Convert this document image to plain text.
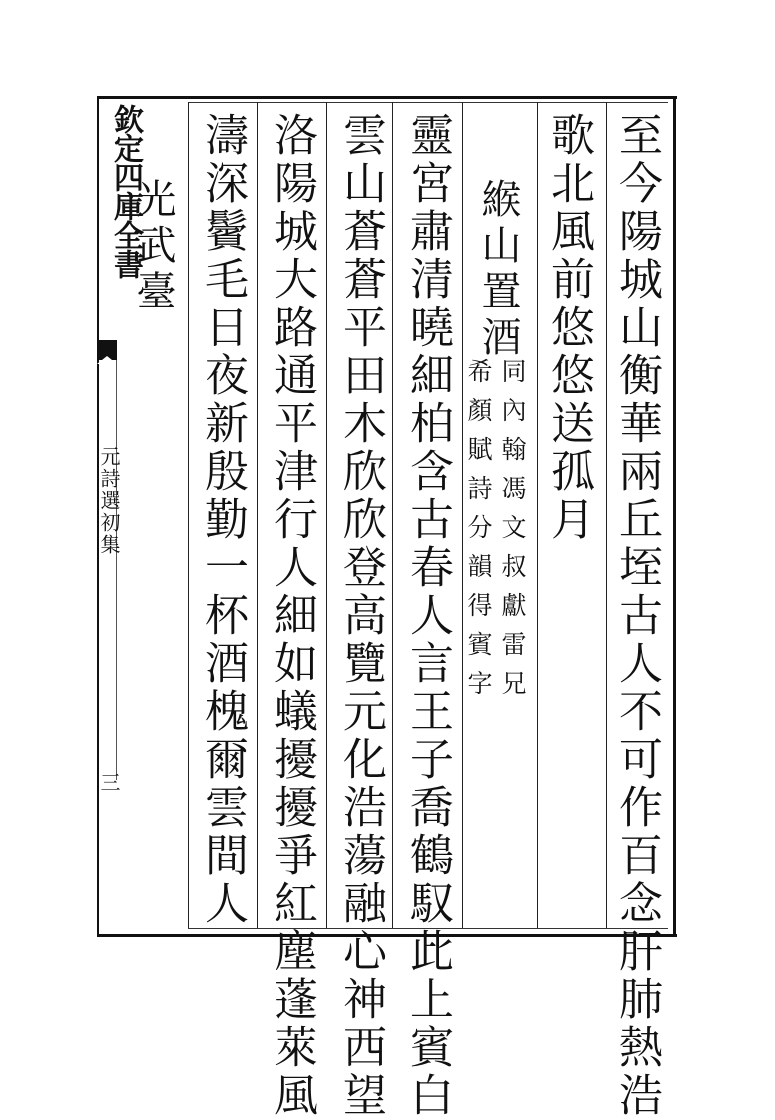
欽定四庫全書
元詩選初集
三	至今陽城山衡華兩丘垤古人不可作百念肝肺熱浩
歌北風前悠悠送孤月
緱山置酒
同內翰馮文叔獻雷兄
希顏賦詩分韻得賓字
靈宮肅清曉細柏含古春人言王子喬鶴馭此上賓白
雲山蒼蒼平田木欣欣登高覽元化浩蕩融心神西望
洛陽城大路通平津行人細如蟻擾擾爭紅塵蓬萊風
濤深鬢毛日夜新殷勤一杯酒槐爾雲間人
光武臺
